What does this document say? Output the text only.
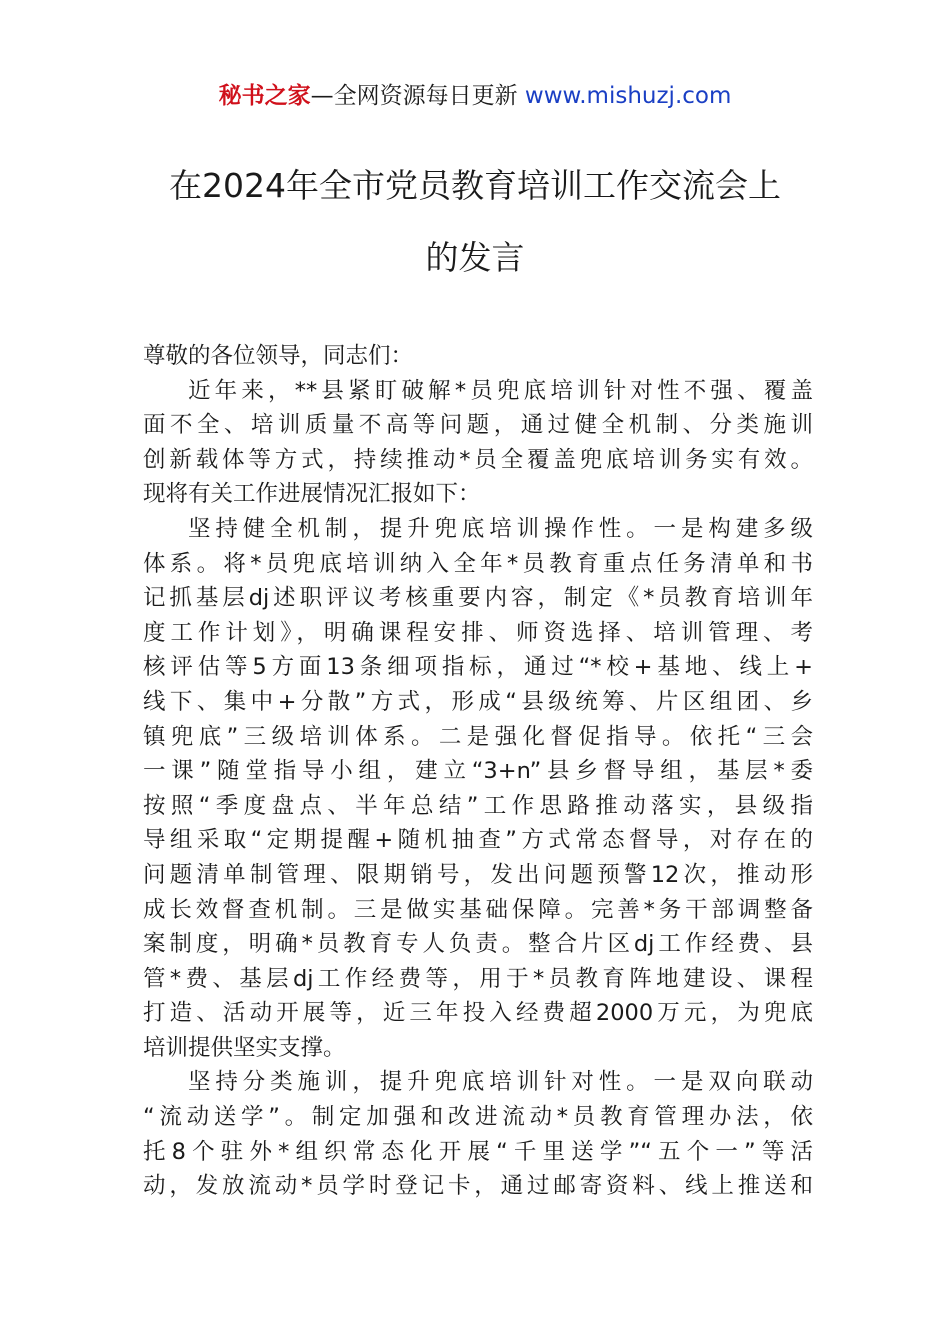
秘书之家—全网资源每日更新 www.mishuzj.com
在2024年全市党员教育培训工作交流会上
的发言
尊敬的各位领导，同志们：
近年来，**县紧盯破解*员兜底培训针对性不强、覆盖
面不全、培训质量不高等问题，通过健全机制、分类施训
创新载体等方式，持续推动*员全覆盖兜底培训务实有效。
现将有关工作进展情况汇报如下：
坚持健全机制，提升兜底培训操作性。一是构建多级
体系。将*员兜底培训纳入全年*员教育重点任务清单和书
记抓基层dj述职评议考核重要内容，制定《*员教育培训年
度工作计划》，明确课程安排、师资选择、培训管理、考
核评估等5方面13条细项指标，通过“*校+基地、线上+
线下、集中+分散”方式，形成“县级统筹、片区组团、乡
镇兜底”三级培训体系。二是强化督促指导。依托“三会
一课”随堂指导小组，建立“3+n”县乡督导组，基层*委
按照“季度盘点、半年总结”工作思路推动落实，县级指
导组采取“定期提醒+随机抽查”方式常态督导，对存在的
问题清单制管理、限期销号，发出问题预警12次，推动形
成长效督查机制。三是做实基础保障。完善*务干部调整备
案制度，明确*员教育专人负责。整合片区dj工作经费、县
管*费、基层dj工作经费等，用于*员教育阵地建设、课程
打造、活动开展等，近三年投入经费超2000万元，为兜底
培训提供坚实支撑。
坚持分类施训，提升兜底培训针对性。一是双向联动
“流动送学”。制定加强和改进流动*员教育管理办法，依
托8个驻外*组织常态化开展“千里送学”“五个一”等活
动，发放流动*员学时登记卡，通过邮寄资料、线上推送和
